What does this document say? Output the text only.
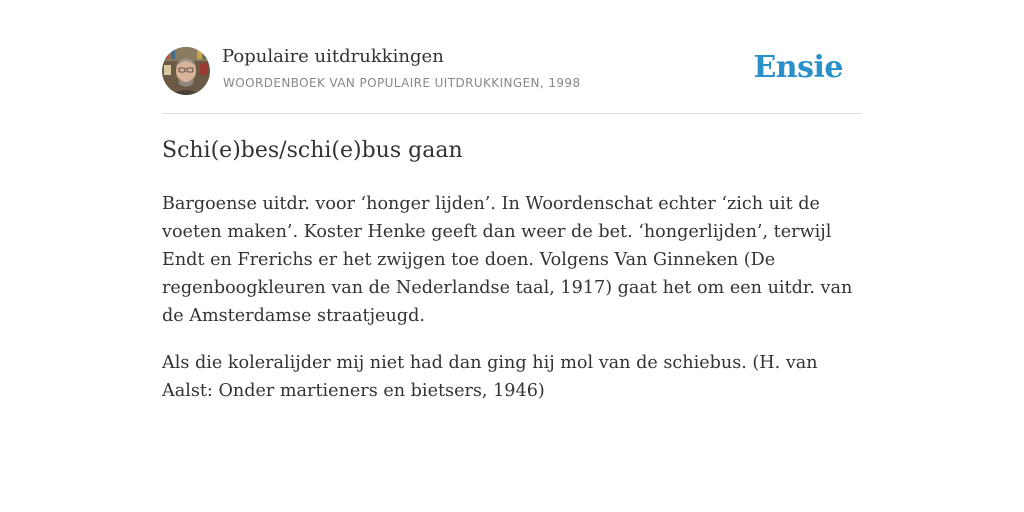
Populaire uitdrukkingen
WOORDENBOEK VAN POPULAIRE UITDRUKKINGEN, 1998	Ensie
Schi(e)bes/schi(e)bus gaan

Bargoense uitdr. voor ‘honger lijden’. In Woordenschat echter ‘zich uit de voeten maken’. Koster Henke geeft dan weer de bet. ‘hongerlijden’, terwijl Endt en Frerichs er het zwijgen toe doen. Volgens Van Ginneken (De regenboogkleuren van de Nederlandse taal, 1917) gaat het om een uitdr. van de Amsterdamse straatjeugd.

Als die koleralijder mij niet had dan ging hij mol van de schiebus. (H. van Aalst: Onder martieners en bietsers, 1946)
